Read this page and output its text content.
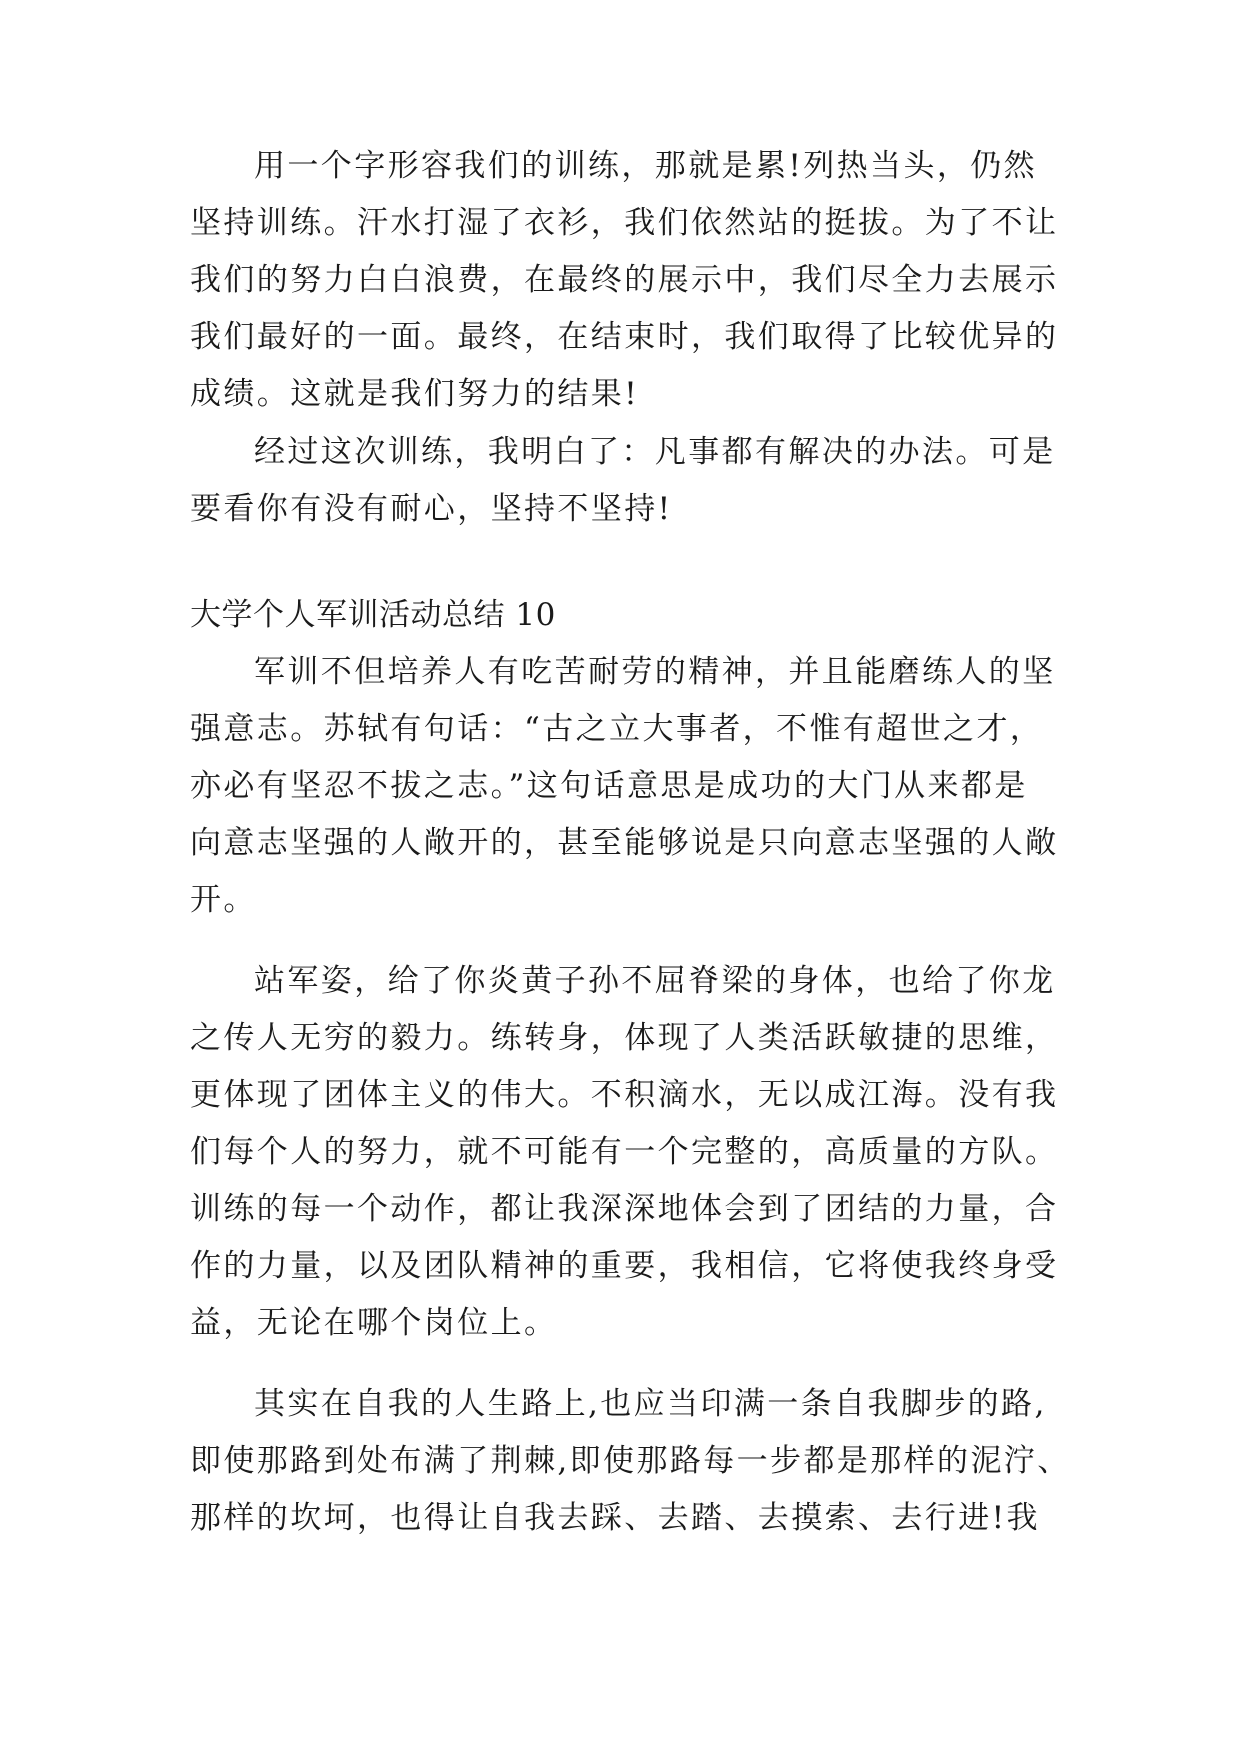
用一个字形容我们的训练，那就是累!列热当头，仍然
坚持训练。汗水打湿了衣衫，我们依然站的挺拔。为了不让
我们的努力白白浪费，在最终的展示中，我们尽全力去展示
我们最好的一面。最终，在结束时，我们取得了比较优异的
成绩。这就是我们努力的结果!
经过这次训练，我明白了：凡事都有解决的办法。可是
要看你有没有耐心，坚持不坚持!
大学个人军训活动总结 10
军训不但培养人有吃苦耐劳的精神，并且能磨练人的坚
强意志。苏轼有句话：“古之立大事者，不惟有超世之才，
亦必有坚忍不拔之志。”这句话意思是成功的大门从来都是
向意志坚强的人敞开的，甚至能够说是只向意志坚强的人敞
开。
站军姿，给了你炎黄子孙不屈脊梁的身体，也给了你龙
之传人无穷的毅力。练转身，体现了人类活跃敏捷的思维，
更体现了团体主义的伟大。不积滴水，无以成江海。没有我
们每个人的努力，就不可能有一个完整的，高质量的方队。
训练的每一个动作，都让我深深地体会到了团结的力量，合
作的力量，以及团队精神的重要，我相信，它将使我终身受
益，无论在哪个岗位上。
其实在自我的人生路上,也应当印满一条自我脚步的路,
即使那路到处布满了荆棘,即使那路每一步都是那样的泥泞、
那样的坎坷，也得让自我去踩、去踏、去摸索、去行进!我
